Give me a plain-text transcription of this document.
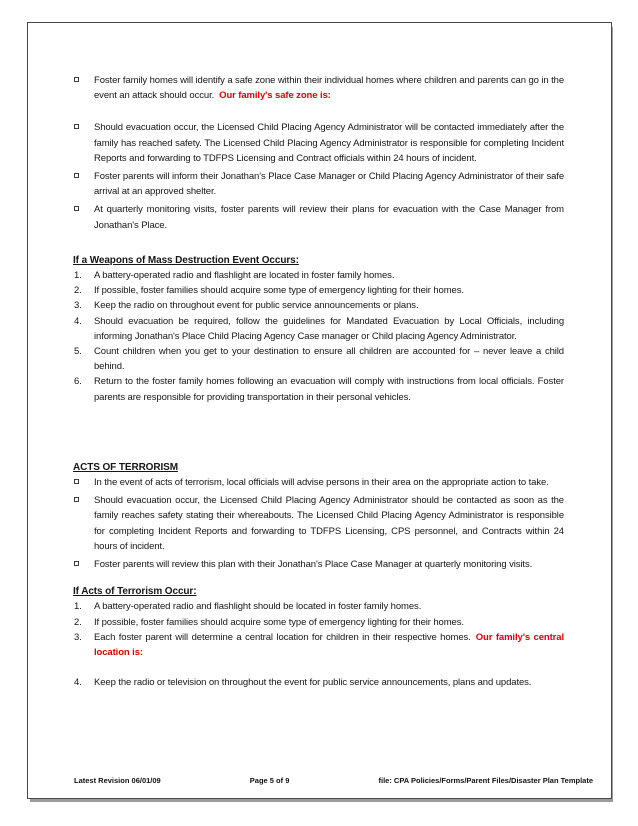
Foster family homes will identify a safe zone within their individual homes where children and parents can go in the event an attack should occur. Our family's safe zone is:
Should evacuation occur, the Licensed Child Placing Agency Administrator will be contacted immediately after the family has reached safety. The Licensed Child Placing Agency Administrator is responsible for completing Incident Reports and forwarding to TDFPS Licensing and Contract officials within 24 hours of incident.
Foster parents will inform their Jonathan's Place Case Manager or Child Placing Agency Administrator of their safe arrival at an approved shelter.
At quarterly monitoring visits, foster parents will review their plans for evacuation with the Case Manager from Jonathan's Place.

If a Weapons of Mass Destruction Event Occurs:

1. A battery-operated radio and flashlight are located in foster family homes.
2. If possible, foster families should acquire some type of emergency lighting for their homes.
3. Keep the radio on throughout event for public service announcements or plans.
4. Should evacuation be required, follow the guidelines for Mandated Evacuation by Local Officials, including informing Jonathan's Place Child Placing Agency Case manager or Child placing Agency Administrator.
5. Count children when you get to your destination to ensure all children are accounted for – never leave a child behind.
6. Return to the foster family homes following an evacuation will comply with instructions from local officials. Foster parents are responsible for providing transportation in their personal vehicles.

ACTS OF TERRORISM

In the event of acts of terrorism, local officials will advise persons in their area on the appropriate action to take.
Should evacuation occur, the Licensed Child Placing Agency Administrator should be contacted as soon as the family reaches safety stating their whereabouts. The Licensed Child Placing Agency Administrator is responsible for completing Incident Reports and forwarding to TDFPS Licensing, CPS personnel, and Contracts within 24 hours of incident.
Foster parents will review this plan with their Jonathan's Place Case Manager at quarterly monitoring visits.

If Acts of Terrorism Occur:

1. A battery-operated radio and flashlight should be located in foster family homes.
2. If possible, foster families should acquire some type of emergency lighting for their homes.
3. Each foster parent will determine a central location for children in their respective homes. Our family's central location is:
4. Keep the radio or television on throughout the event for public service announcements, plans and updates.
Latest Revision 06/01/09	Page 5 of 9	file: CPA Policies/Forms/Parent Files/Disaster Plan Template
